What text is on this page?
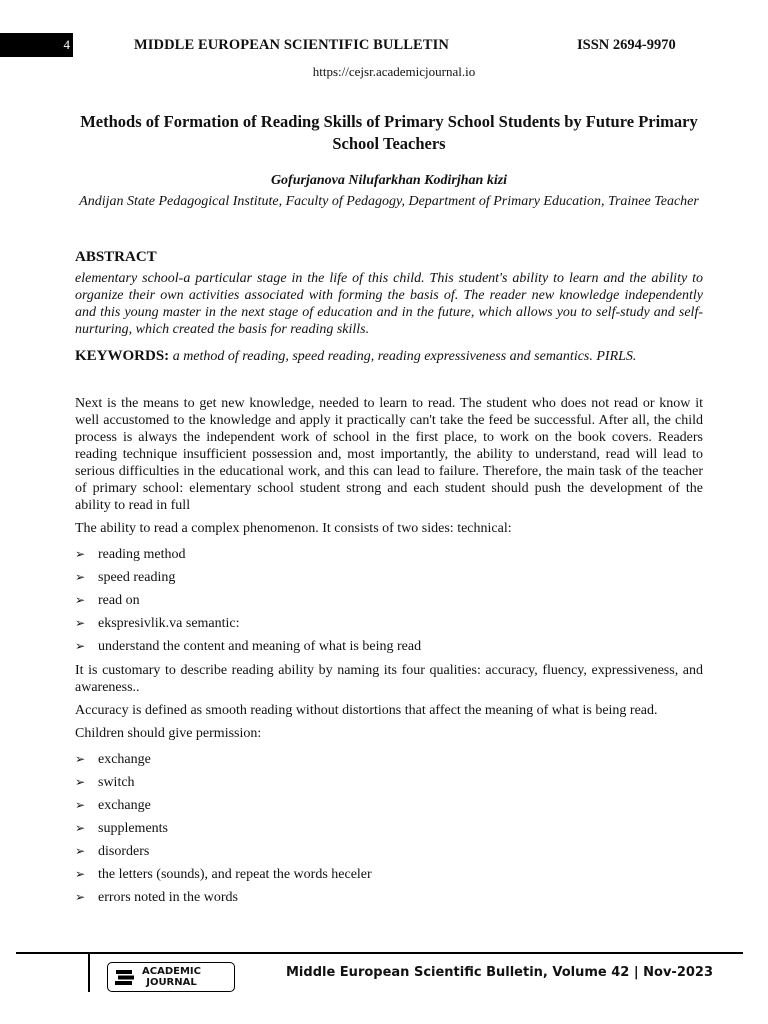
4	MIDDLE EUROPEAN SCIENTIFIC BULLETIN	ISSN 2694-9970
https://cejsr.academicjournal.io
Methods of Formation of Reading Skills of Primary School Students by Future Primary School Teachers
Gofurjanova Nilufarkhan Kodirjhan kizi
Andijan State Pedagogical Institute, Faculty of Pedagogy, Department of Primary Education, Trainee Teacher
ABSTRACT

elementary school-a particular stage in the life of this child. This student's ability to learn and the ability to organize their own activities associated with forming the basis of. The reader new knowledge independently and this young master in the next stage of education and in the future, which allows you to self-study and self-nurturing, which created the basis for reading skills.

KEYWORDS: a method of reading, speed reading, reading expressiveness and semantics. PIRLS.

Next is the means to get new knowledge, needed to learn to read. The student who does not read or know it well accustomed to the knowledge and apply it practically can't take the feed be successful. After all, the child process is always the independent work of school in the first place, to work on the book covers. Readers reading technique insufficient possession and, most importantly, the ability to understand, read will lead to serious difficulties in the educational work, and this can lead to failure. Therefore, the main task of the teacher of primary school: elementary school student strong and each student should push the development of the ability to read in full

The ability to read a complex phenomenon. It consists of two sides: technical:

➢ reading method
➢ speed reading
➢ read on
➢ ekspresivlik.va semantic:
➢ understand the content and meaning of what is being read

It is customary to describe reading ability by naming its four qualities: accuracy, fluency, expressiveness, and awareness..

Accuracy is defined as smooth reading without distortions that affect the meaning of what is being read.

Children should give permission:

➢ exchange
➢ switch
➢ exchange
➢ supplements
➢ disorders
➢ the letters (sounds), and repeat the words heceler
➢ errors noted in the words
ACADEMIC
JOURNAL
Middle European Scientific Bulletin, Volume 42 | Nov-2023
